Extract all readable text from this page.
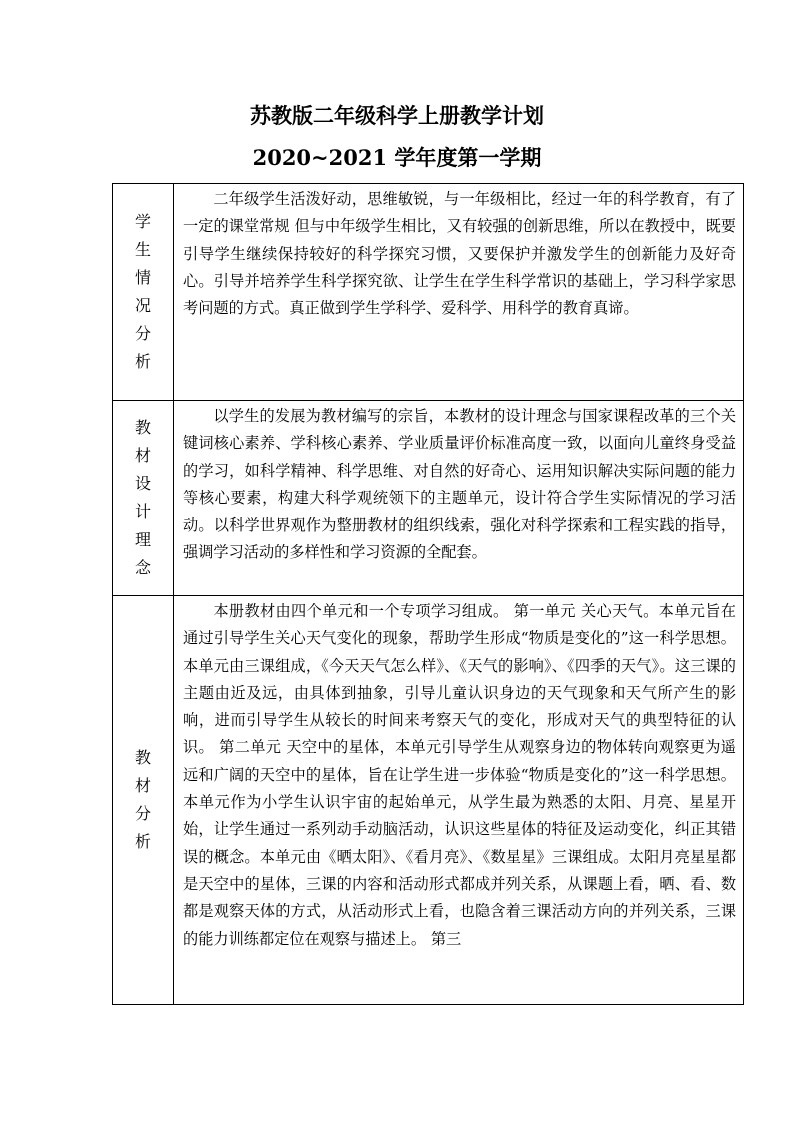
苏教版二年级科学上册教学计划
2020~2021 学年度第一学期
学生情况分析	二年级学生活泼好动，思维敏锐，与一年级相比，经过一年的科学教育，有了一定的课堂常规 但与中年级学生相比，又有较强的创新思维，所以在教授中，既要引导学生继续保持较好的科学探究习惯，又要保护并激发学生的创新能力及好奇心。引导并培养学生科学探究欲、让学生在学生科学常识的基础上，学习科学家思考问题的方式。真正做到学生学科学、爱科学、用科学的教育真谛。

教材设计理念	以学生的发展为教材编写的宗旨，本教材的设计理念与国家课程改革的三个关键词核心素养、学科核心素养、学业质量评价标准高度一致，以面向儿童终身受益的学习，如科学精神、科学思维、对自然的好奇心、运用知识解决实际问题的能力等核心要素，构建大科学观统领下的主题单元，设计符合学生实际情况的学习活动。以科学世界观作为整册教材的组织线索，强化对科学探索和工程实践的指导，强调学习活动的多样性和学习资源的全配套。

教材分析	本册教材由四个单元和一个专项学习组成。 第一单元 关心天气。本单元旨在通过引导学生关心天气变化的现象，帮助学生形成“物质是变化的”这一科学思想。本单元由三课组成，《今天天气怎么样》、《天气的影响》、《四季的天气》。这三课的主题由近及远，由具体到抽象，引导儿童认识身边的天气现象和天气所产生的影响，进而引导学生从较长的时间来考察天气的变化，形成对天气的典型特征的认识。 第二单元 天空中的星体，本单元引导学生从观察身边的物体转向观察更为遥远和广阔的天空中的星体，旨在让学生进一步体验“物质是变化的”这一科学思想。本单元作为小学生认识宇宙的起始单元，从学生最为熟悉的太阳、月亮、星星开始，让学生通过一系列动手动脑活动，认识这些星体的特征及运动变化，纠正其错误的概念。本单元由《晒太阳》、《看月亮》、《数星星》三课组成。太阳月亮星星都是天空中的星体，三课的内容和活动形式都成并列关系，从课题上看，晒、看、数都是观察天体的方式，从活动形式上看，也隐含着三课活动方向的并列关系，三课的能力训练都定位在观察与描述上。 第三
